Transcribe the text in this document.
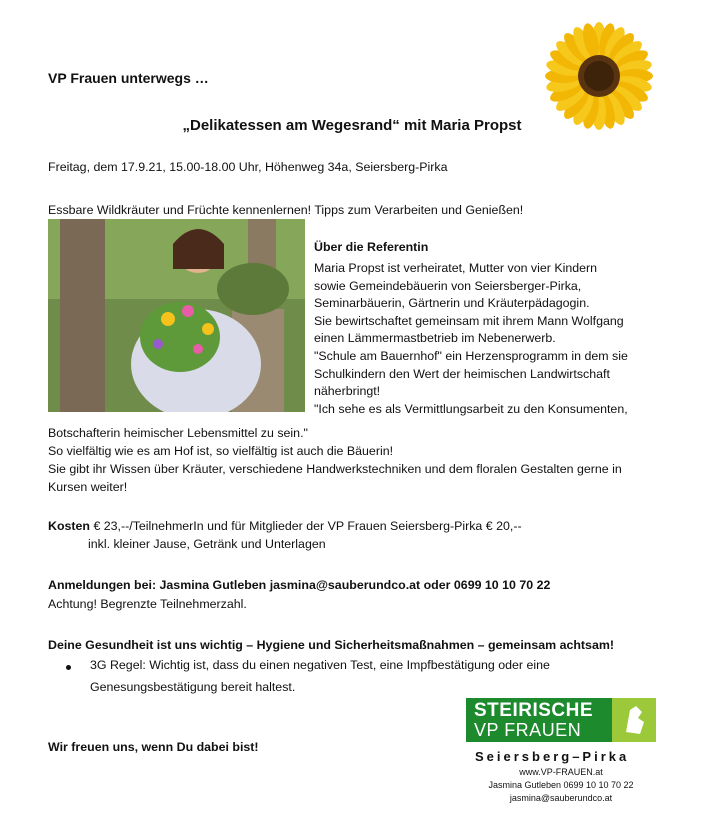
VP Frauen unterwegs …
„Delikatessen am Wegesrand“ mit Maria Propst
Freitag, dem 17.9.21, 15.00-18.00 Uhr, Höhenweg 34a, Seiersberg-Pirka
Essbare Wildkräuter und Früchte kennenlernen! Tipps zum Verarbeiten und Genießen!
Über die Referentin
Maria Propst ist verheiratet, Mutter von vier Kindern
sowie Gemeindebäuerin von Seiersberger-Pirka,
Seminarbäuerin, Gärtnerin und Kräuterpädagogin.
Sie bewirtschaftet gemeinsam mit ihrem Mann Wolfgang
einen Lämmermastbetrieb im Nebenerwerb.
"Schule am Bauernhof" ein Herzensprogramm in dem sie
Schulkindern den Wert der heimischen Landwirtschaft
näherbringt!
"Ich sehe es als Vermittlungsarbeit zu den Konsumenten,
Botschafterin heimischer Lebensmittel zu sein."
So vielfältig wie es am Hof ist, so vielfältig ist auch die Bäuerin!
Sie gibt ihr Wissen über Kräuter, verschiedene Handwerkstechniken und dem floralen Gestalten gerne in
Kursen weiter!
Kosten € 23,--/TeilnehmerIn und für Mitglieder der VP Frauen Seiersberg-Pirka € 20,--
inkl. kleiner Jause, Getränk und Unterlagen
Anmeldungen bei: Jasmina Gutleben jasmina@sauberundco.at oder 0699 10 10 70 22
Achtung! Begrenzte Teilnehmerzahl.
Deine Gesundheit ist uns wichtig – Hygiene und Sicherheitsmaßnahmen – gemeinsam achtsam!
3G Regel: Wichtig ist, dass du einen negativen Test, eine Impfbestätigung oder eine
Genesungsbestätigung bereit haltest.
Wir freuen uns, wenn Du dabei bist!
STEIRISCHE
VP FRAUEN
Seiersberg–Pirka
www.VP-FRAUEN.at
Jasmina Gutleben 0699 10 10 70 22
jasmina@sauberundco.at
